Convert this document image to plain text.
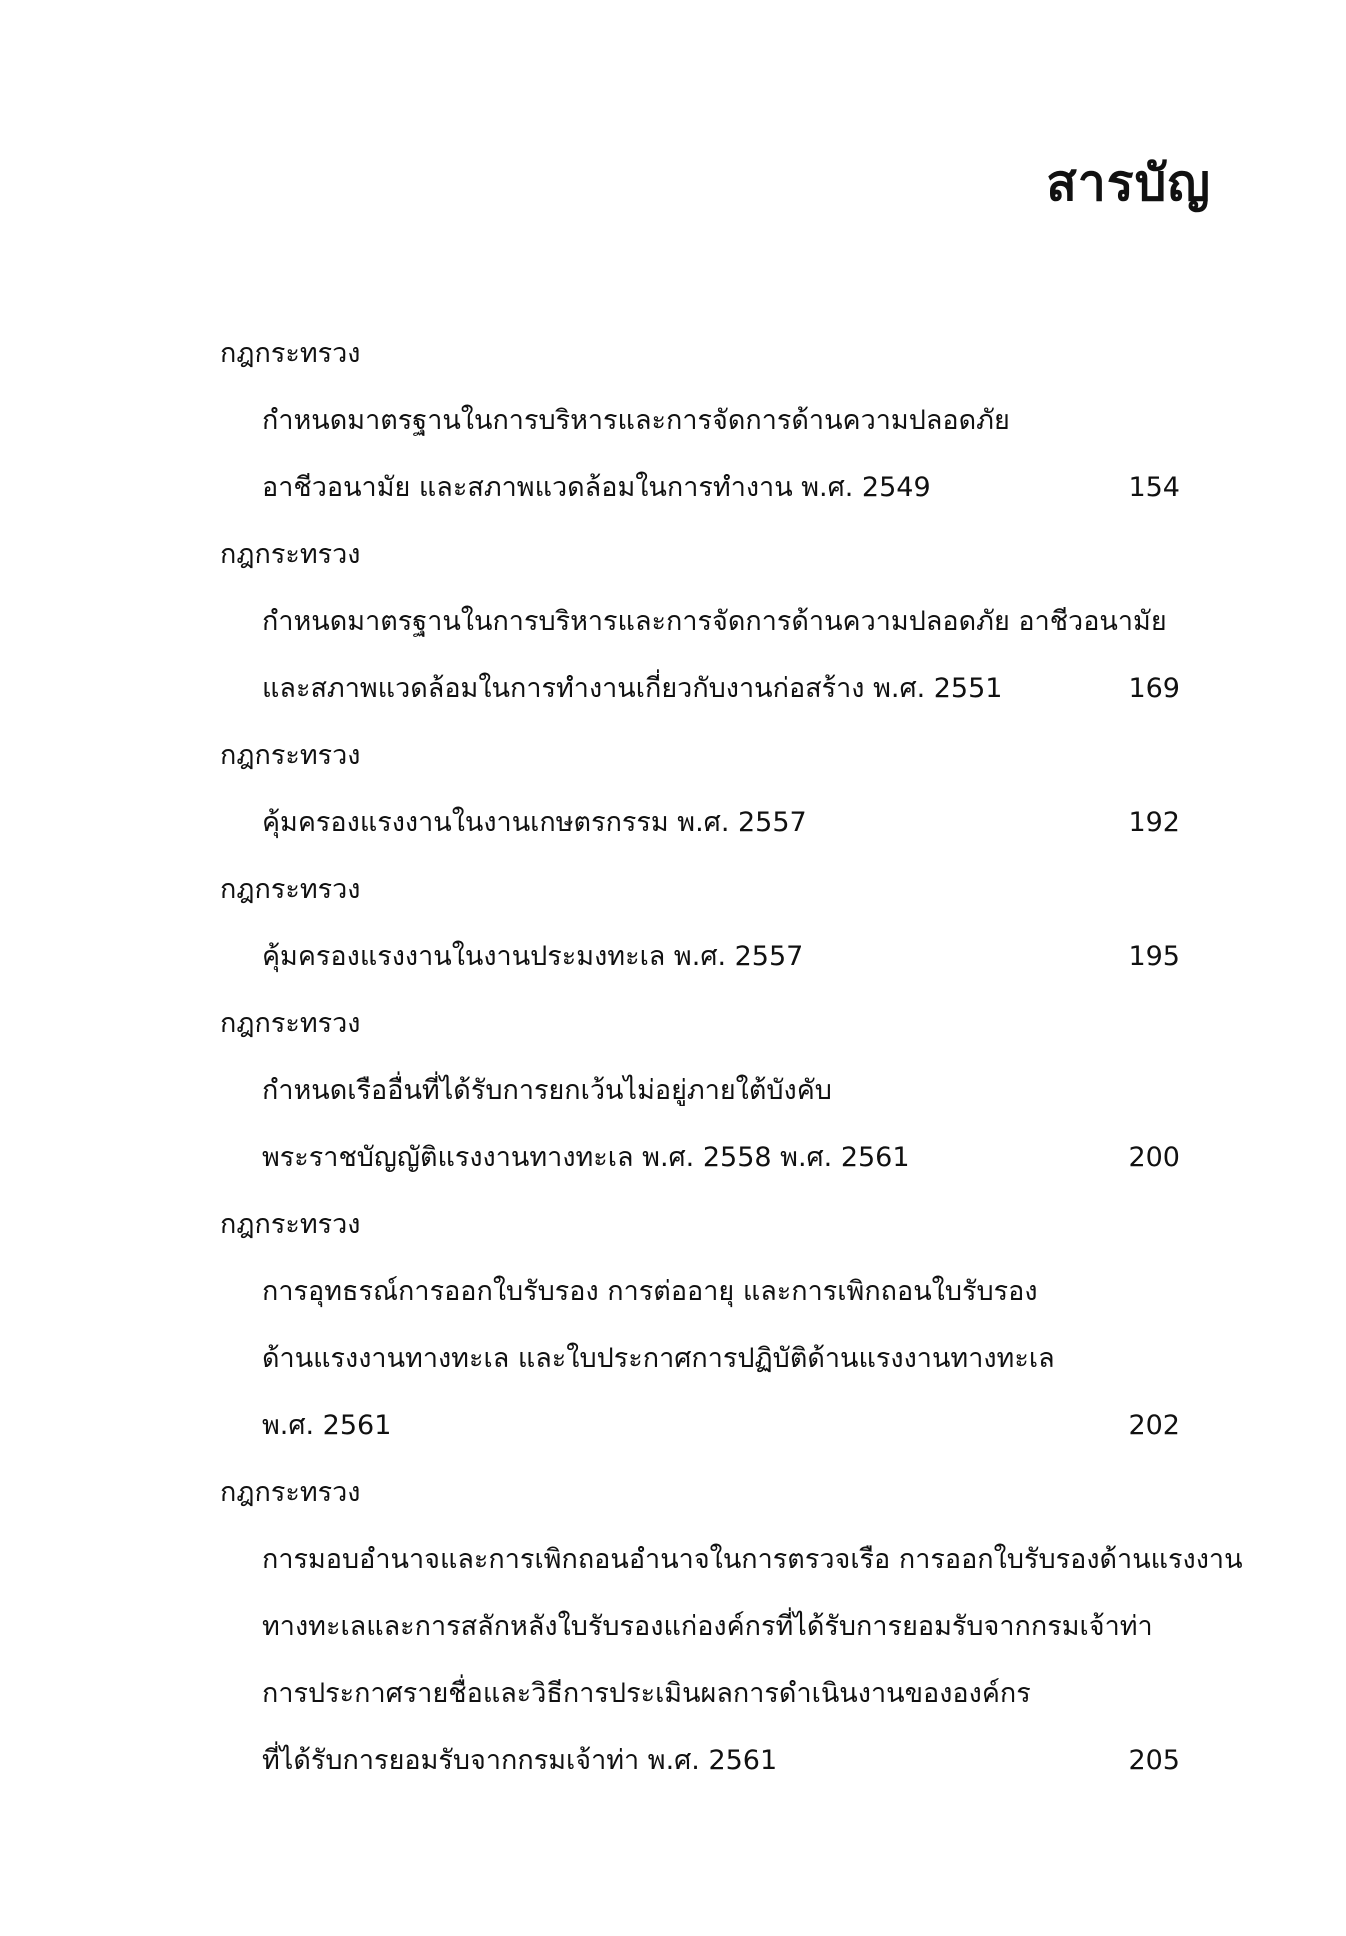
สารบัญ
กฎกระทรวง
กำหนดมาตรฐานในการบริหารและการจัดการด้านความปลอดภัย
อาชีวอนามัย และสภาพแวดล้อมในการทำงาน พ.ศ. 2549	154
กฎกระทรวง
กำหนดมาตรฐานในการบริหารและการจัดการด้านความปลอดภัย อาชีวอนามัย
และสภาพแวดล้อมในการทำงานเกี่ยวกับงานก่อสร้าง พ.ศ. 2551	169
กฎกระทรวง
คุ้มครองแรงงานในงานเกษตรกรรม พ.ศ. 2557	192
กฎกระทรวง
คุ้มครองแรงงานในงานประมงทะเล พ.ศ. 2557	195
กฎกระทรวง
กำหนดเรืออื่นที่ได้รับการยกเว้นไม่อยู่ภายใต้บังคับ
พระราชบัญญัติแรงงานทางทะเล พ.ศ. 2558 พ.ศ. 2561	200
กฎกระทรวง
การอุทธรณ์การออกใบรับรอง การต่ออายุ และการเพิกถอนใบรับรอง
ด้านแรงงานทางทะเล และใบประกาศการปฏิบัติด้านแรงงานทางทะเล
พ.ศ. 2561	202
กฎกระทรวง
การมอบอำนาจและการเพิกถอนอำนาจในการตรวจเรือ การออกใบรับรองด้านแรงงาน
ทางทะเลและการสลักหลังใบรับรองแก่องค์กรที่ได้รับการยอมรับจากกรมเจ้าท่า
การประกาศรายชื่อและวิธีการประเมินผลการดำเนินงานขององค์กร
ที่ได้รับการยอมรับจากกรมเจ้าท่า พ.ศ. 2561	205
